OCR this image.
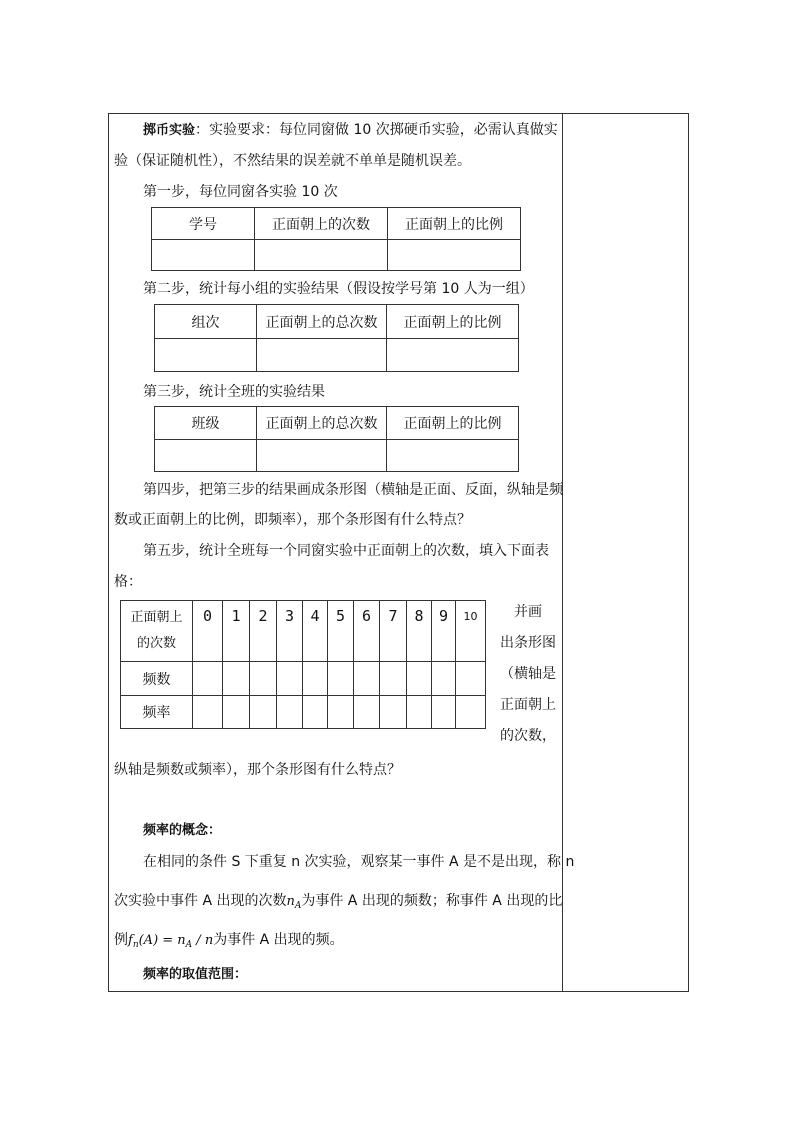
掷币实验：实验要求：每位同窗做 10 次掷硬币实验，必需认真做实
验（保证随机性），不然结果的误差就不单单是随机误差。
第一步，每位同窗各实验 10 次
学号	正面朝上的次数	正面朝上的比例

第二步，统计每小组的实验结果（假设按学号第 10 人为一组）
组次	正面朝上的总次数	正面朝上的比例

第三步，统计全班的实验结果
班级	正面朝上的总次数	正面朝上的比例

第四步，把第三步的结果画成条形图（横轴是正面、反面，纵轴是频
数或正面朝上的比例，即频率），那个条形图有什么特点？
第五步，统计全班每一个同窗实验中正面朝上的次数，填入下面表
格：
正面朝上
的次数	0	1	2	3	4	5	6	7	8	9	10
频数											
频率											
并画
出条形图
（横轴是
正面朝上
的次数，
纵轴是频数或频率），那个条形图有什么特点？
频率的概念：
在相同的条件 S 下重复 n 次实验，观察某一事件 A 是不是出现，称 n
次实验中事件 A 出现的次数$n_A$为事件 A 出现的频数；称事件 A 出现的比
例$f_n(A) = n_A / n$为事件 A 出现的频。
频率的取值范围：
